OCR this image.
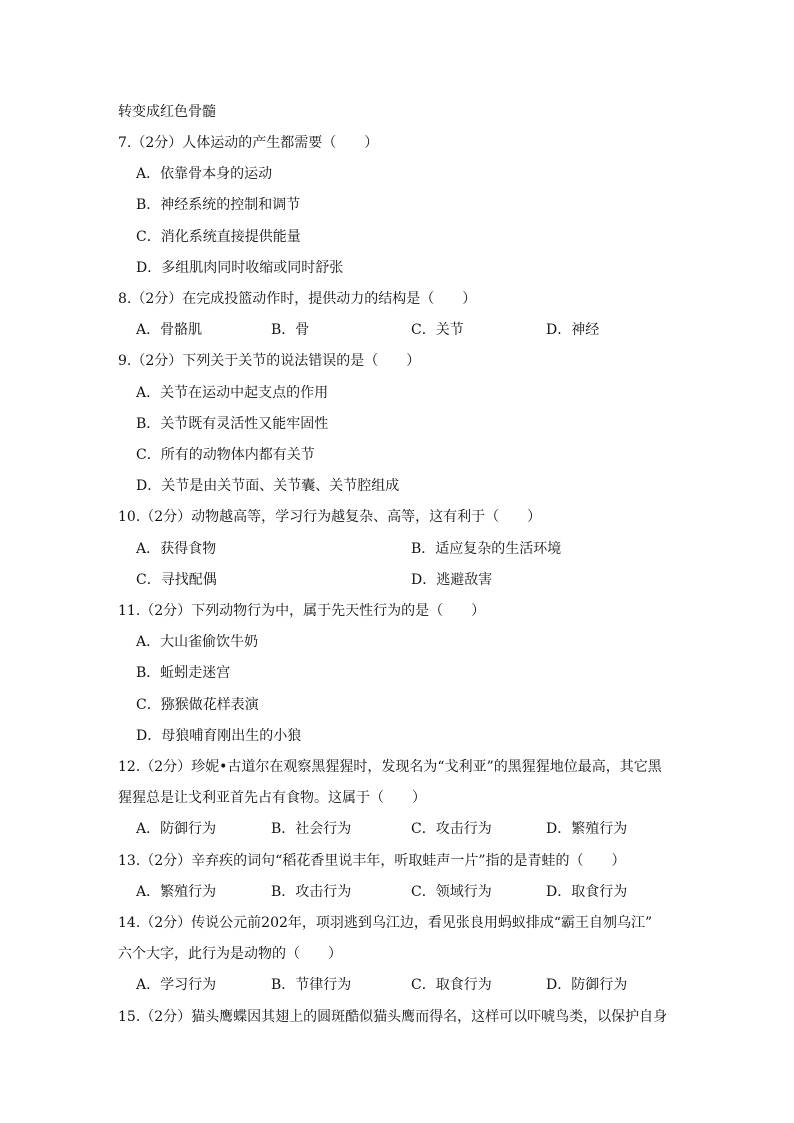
转变成红色骨髓
7.（2分）人体运动的产生都需要（　　）
A．依靠骨本身的运动
B．神经系统的控制和调节
C．消化系统直接提供能量
D．多组肌肉同时收缩或同时舒张
8.（2分）在完成投篮动作时，提供动力的结构是（　　）
A．骨骼肌	B．骨	C．关节	D．神经
9.（2分）下列关于关节的说法错误的是（　　）
A．关节在运动中起支点的作用
B．关节既有灵活性又能牢固性
C．所有的动物体内都有关节
D．关节是由关节面、关节囊、关节腔组成
10.（2分）动物越高等，学习行为越复杂、高等，这有利于（　　）
A．获得食物	B．适应复杂的生活环境
C．寻找配偶	D．逃避敌害
11.（2分）下列动物行为中，属于先天性行为的是（　　）
A．大山雀偷饮牛奶
B．蚯蚓走迷宫
C．猕猴做花样表演
D．母狼哺育刚出生的小狼
12.（2分）珍妮•古道尔在观察黑猩猩时，发现名为“戈利亚”的黑猩猩地位最高，其它黑
猩猩总是让戈利亚首先占有食物。这属于（　　）
A．防御行为	B．社会行为	C．攻击行为	D．繁殖行为
13.（2分）辛弃疾的词句“稻花香里说丰年，听取蛙声一片”指的是青蛙的（　　）
A．繁殖行为	B．攻击行为	C．领域行为	D．取食行为
14.（2分）传说公元前202年，项羽逃到乌江边，看见张良用蚂蚁排成“霸王自刎乌江”
六个大字，此行为是动物的（　　）
A．学习行为	B．节律行为	C．取食行为	D．防御行为
15.（2分）猫头鹰蝶因其翅上的圆斑酷似猫头鹰而得名，这样可以吓唬鸟类，以保护自身
